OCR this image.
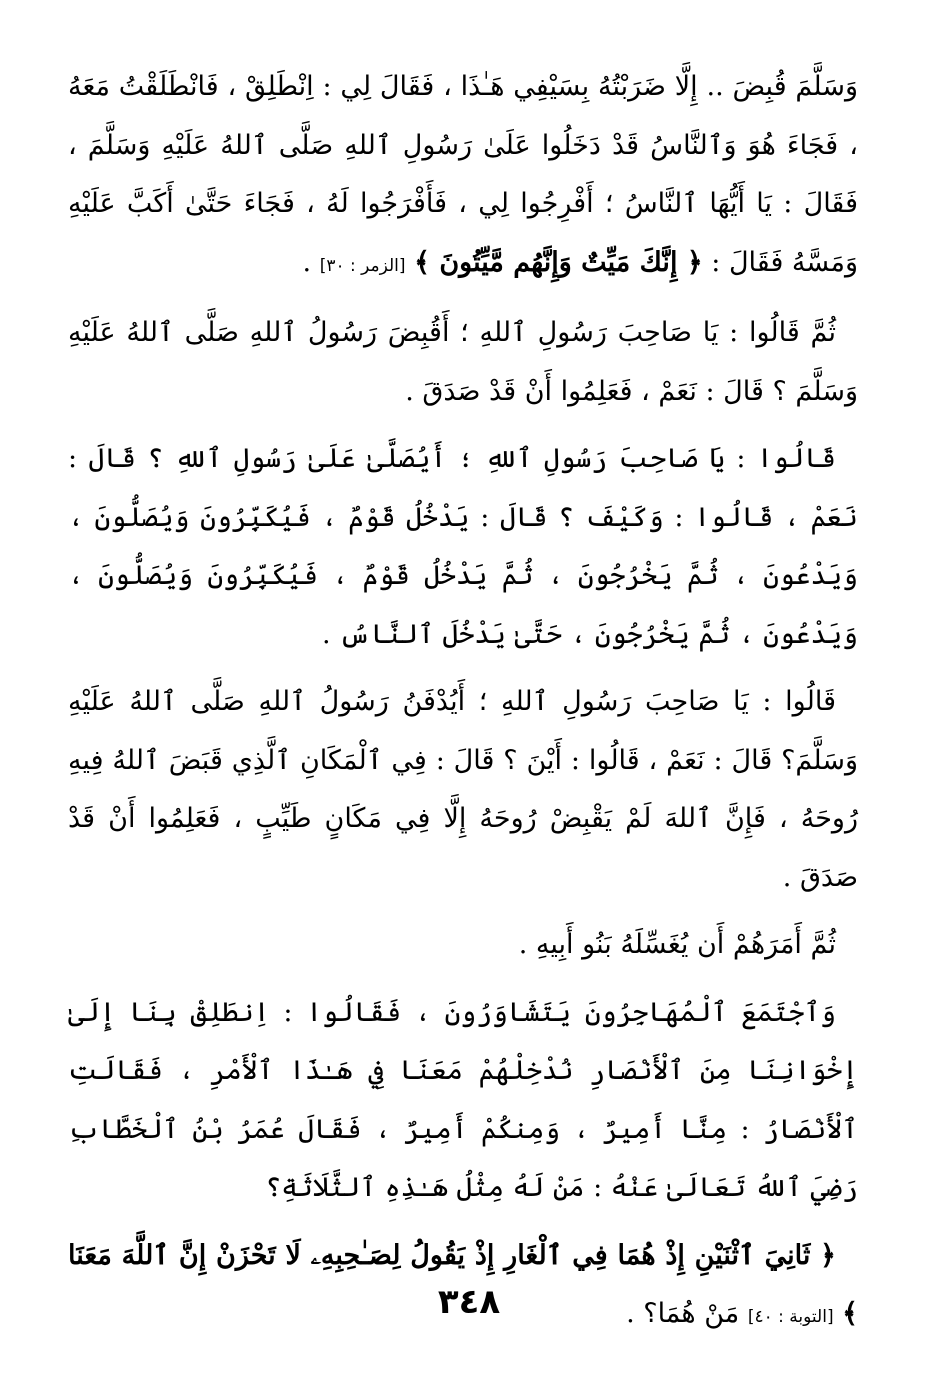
وَسَلَّمَ قُبِضَ .. إِلَّا ضَرَبْتُهُ بِسَيْفِي هَـٰذَا ، فَقَالَ لِي : اِنْطَلِقْ ، فَانْطَلَقْتُ مَعَهُ ، فَجَاءَ هُوَ وَٱلنَّاسُ قَدْ دَخَلُوا عَلَىٰ رَسُولِ ٱللهِ صَلَّى ٱللهُ عَلَيْهِ وَسَلَّمَ ، فَقَالَ : يَا أَيُّهَا ٱلنَّاسُ ؛ أَفْرِجُوا لِي ، فَأَفْرَجُوا لَهُ ، فَجَاءَ حَتَّىٰ أَكَبَّ عَلَيْهِ وَمَسَّهُ فَقَالَ : ﴿ إِنَّكَ مَيِّتٌ وَإِنَّهُم مَّيِّتُونَ ﴾ [الزمر : ٣٠] .

ثُمَّ قَالُوا : يَا صَاحِبَ رَسُولِ ٱللهِ ؛ أَقُبِضَ رَسُولُ ٱللهِ صَلَّى ٱللهُ عَلَيْهِ وَسَلَّمَ ؟ قَالَ : نَعَمْ ، فَعَلِمُوا أَنْ قَدْ صَدَقَ .

قَالُوا : يَا صَاحِبَ رَسُولِ ٱللهِ ؛ أَيُصَلَّىٰ عَلَىٰ رَسُولِ ٱللهِ ؟ قَالَ : نَعَمْ ، قَالُوا : وَكَيْفَ ؟ قَالَ : يَدْخُلُ قَوْمٌ ، فَيُكَبِّرُونَ وَيُصَلُّونَ ، وَيَدْعُونَ ، ثُمَّ يَخْرُجُونَ ، ثُمَّ يَدْخُلُ قَوْمٌ ، فَيُكَبِّرُونَ وَيُصَلُّونَ ، وَيَدْعُونَ ، ثُمَّ يَخْرُجُونَ ، حَتَّىٰ يَدْخُلَ ٱلنَّاسُ .

قَالُوا : يَا صَاحِبَ رَسُولِ ٱللهِ ؛ أَيُدْفَنُ رَسُولُ ٱللهِ صَلَّى ٱللهُ عَلَيْهِ وَسَلَّمَ؟ قَالَ : نَعَمْ ، قَالُوا : أَيْنَ ؟ قَالَ : فِي ٱلْمَكَانِ ٱلَّذِي قَبَضَ ٱللهُ فِيهِ رُوحَهُ ، فَإِنَّ ٱللهَ لَمْ يَقْبِضْ رُوحَهُ إِلَّا فِي مَكَانٍ طَيِّبٍ ، فَعَلِمُوا أَنْ قَدْ صَدَقَ .

ثُمَّ أَمَرَهُمْ أَن يُغَسِّلَهُ بَنُو أَبِيهِ .

وَٱجْتَمَعَ ٱلْمُهَاجِرُونَ يَتَشَاوَرُونَ ، فَقَالُوا : اِنطَلِقْ بِنَا إِلَىٰ إِخْوَانِنَا مِنَ ٱلْأَنْصَارِ نُدْخِلْهُمْ مَعَنَا فِي هَـٰذَا ٱلْأَمْرِ ، فَقَالَتِ ٱلْأَنْصَارُ : مِنَّا أَمِيرٌ ، وَمِنكُمْ أَمِيرٌ ، فَقَالَ عُمَرُ بْنُ ٱلْخَطَّابِ رَضِيَ ٱللهُ تَعَالَىٰ عَنْهُ : مَنْ لَهُ مِثْلُ هَـٰذِهِ ٱلثَّلَاثَةِ؟

﴿ ثَانِيَ ٱثْنَيْنِ إِذْ هُمَا فِي ٱلْغَارِ إِذْ يَقُولُ لِصَـٰحِبِهِۦ لَا تَحْزَنْ إِنَّ ٱللَّهَ مَعَنَا ﴾ [التوبة : ٤٠] مَنْ هُمَا؟ .

٣٤٨
